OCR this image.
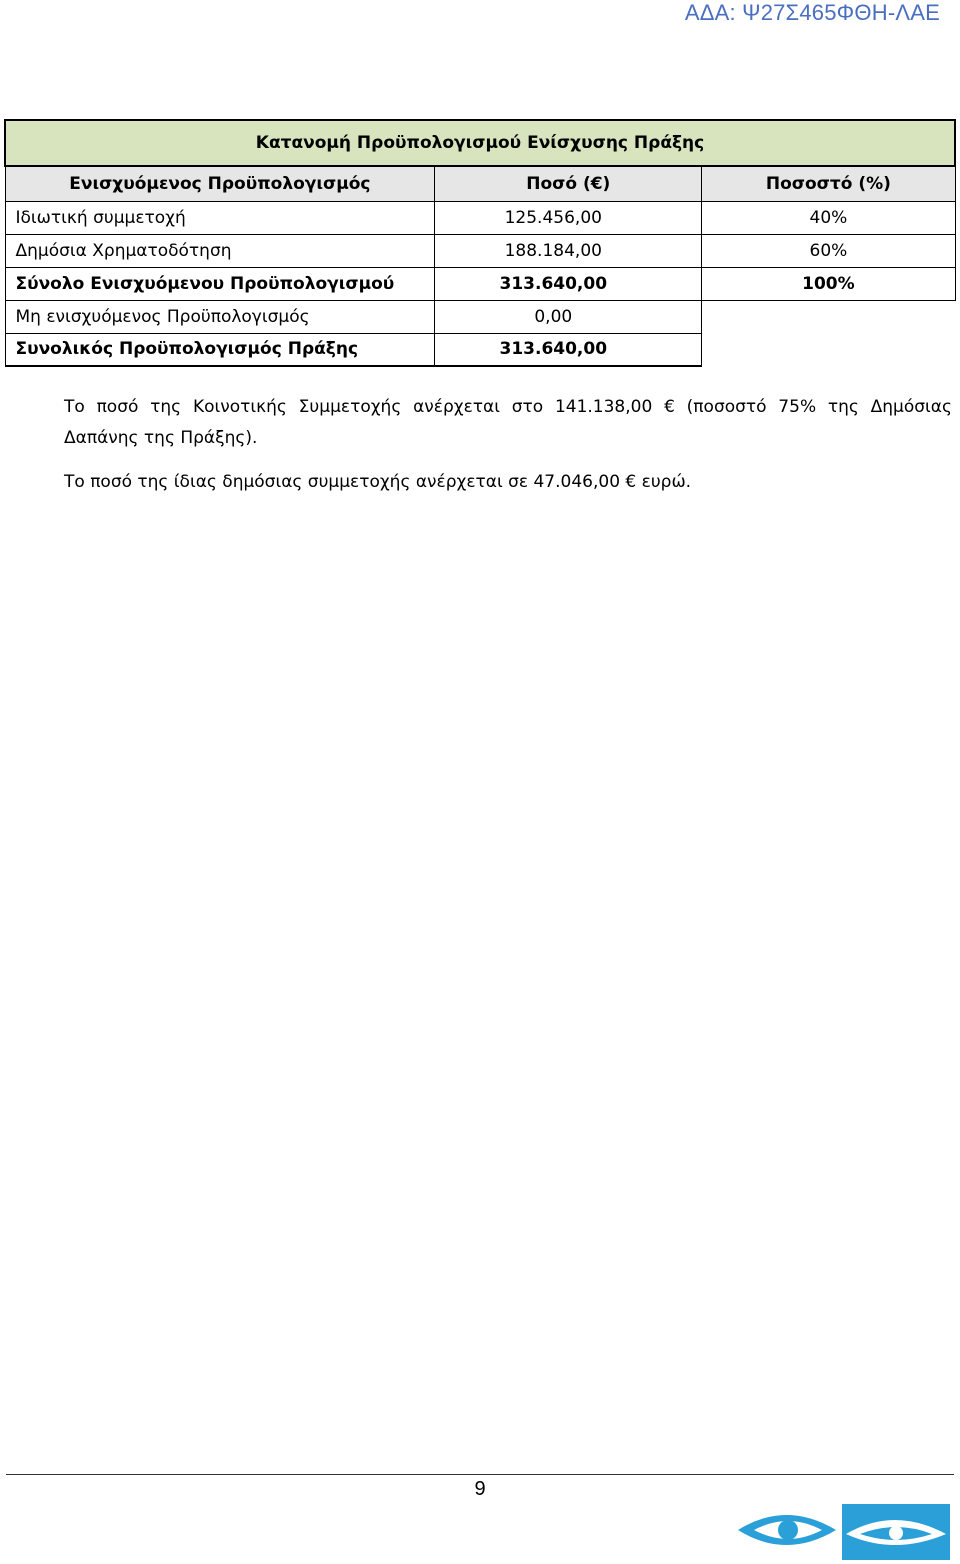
ΑΔΑ: Ψ27Σ465ΦΘΗ-ΛΑΕ
Κατανομή Προϋπολογισμού Ενίσχυσης Πράξης		
Ενισχυόμενος Προϋπολογισμός	Ποσό (€)	Ποσοστό (%)
Ιδιωτική συμμετοχή	125.456,00	40%
Δημόσια Χρηματοδότηση	188.184,00	60%
Σύνολο Ενισχυόμενου Προϋπολογισμού	313.640,00	100%
Μη ενισχυόμενος Προϋπολογισμός	0,00	
Συνολικός Προϋπολογισμός Πράξης	313.640,00	
Το ποσό της Κοινοτικής Συμμετοχής ανέρχεται στο 141.138,00 € (ποσοστό 75% της Δημόσιας Δαπάνης της Πράξης).
Το ποσό της ίδιας δημόσιας συμμετοχής ανέρχεται σε 47.046,00 € ευρώ.
9
